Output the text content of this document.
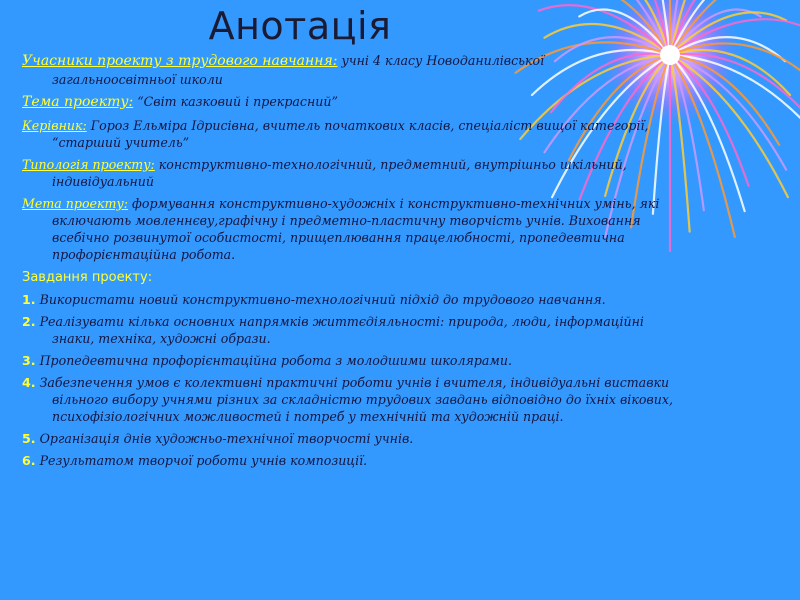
Анотація
Учасники проекту з трудового навчання: учні 4 класу Новоданилівської
загальноосвітньої школи
Тема проекту: “Світ казковий і прекрасний”
Керівник: Гороз Ельміра Ідрисівна, вчитель початкових класів, спеціаліст вищої категорії,
“старший учитель”
Типологія проекту: конструктивно-технологічний, предметний, внутрішньо шкільний,
індивідуальний
Мета проекту: формування конструктивно-художніх і конструктивно-технічних умінь, які
включають мовленнєву,графічну і предметно-пластичну творчість учнів. Виховання
всебічно розвинутої особистості, прищеплювання працелюбності, пропедевтична
профорієнтаційна робота.
Завдання проекту:
1. Використати новий конструктивно-технологічний підхід до трудового навчання.
2. Реалізувати кілька основних напрямків життєдіяльності: природа, люди, інформаційні
знаки, техніка, художні образи.
3. Пропедевтична профорієнтаційна робота з молодшими школярами.
4. Забезпечення умов є колективні практичні роботи учнів і вчителя, індивідуальні виставки
вільного вибору учнями різних за складністю трудових завдань відповідно до їхніх вікових,
психофізіологічних можливостей і потреб у технічній та художній праці.
5. Організація днів художньо-технічної творчості учнів.
6. Результатом творчої роботи учнів композиції.
